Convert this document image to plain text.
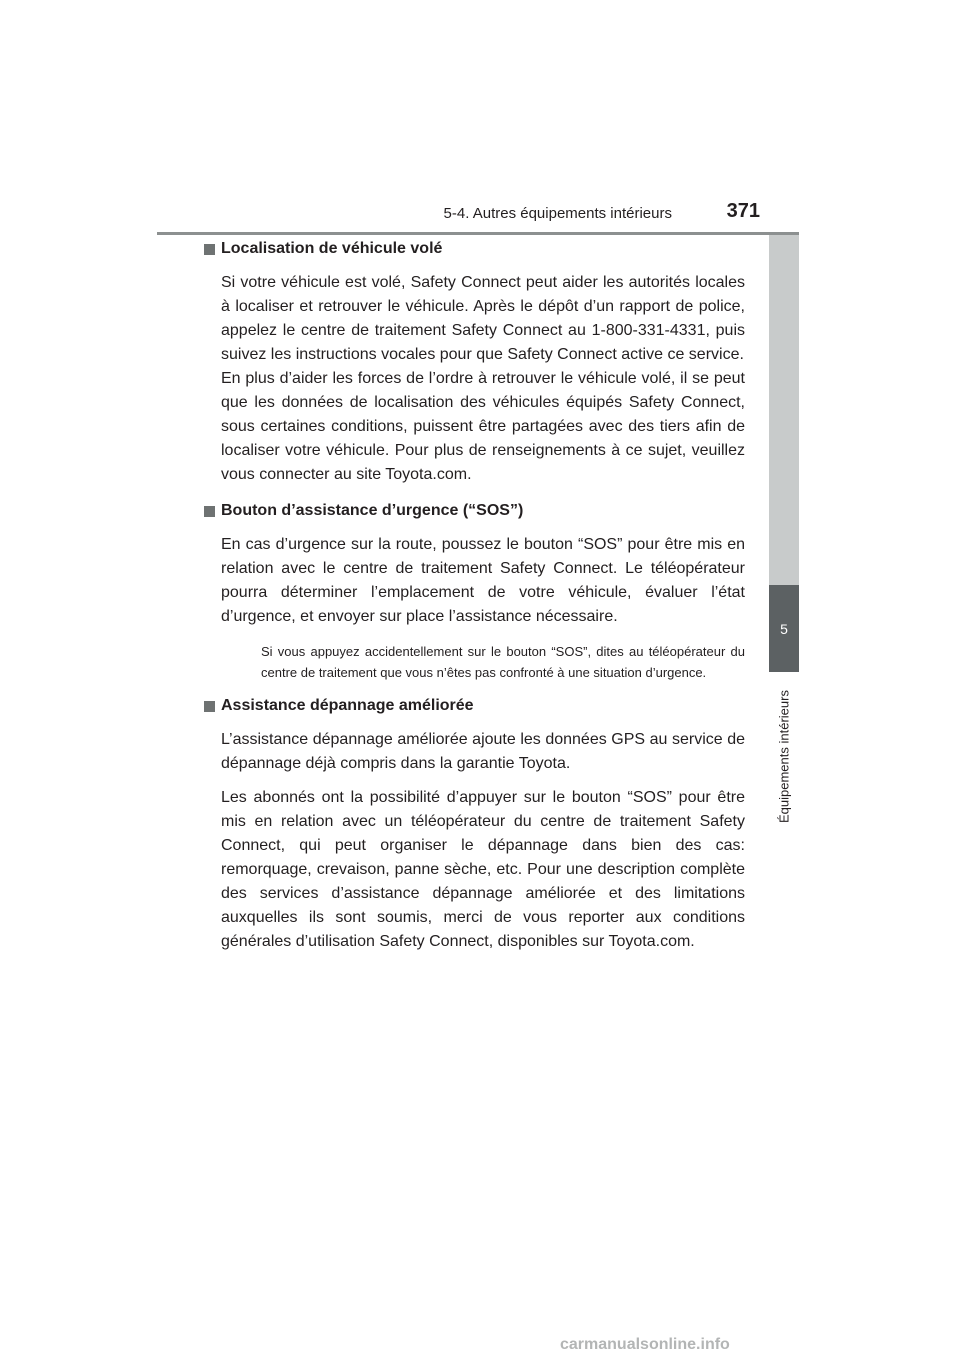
5-4. Autres équipements intérieurs	371
5
Équipements intérieurs
Localisation de véhicule volé

Si votre véhicule est volé, Safety Connect peut aider les autorités locales à localiser et retrouver le véhicule. Après le dépôt d’un rapport de police, appelez le centre de traitement Safety Connect au 1-800-331-4331, puis suivez les instructions vocales pour que Safety Connect active ce service.

En plus d’aider les forces de l’ordre à retrouver le véhicule volé, il se peut que les données de localisation des véhicules équipés Safety Connect, sous certaines conditions, puissent être partagées avec des tiers afin de localiser votre véhicule. Pour plus de renseignements à ce sujet, veuillez vous connecter au site Toyota.com.

Bouton d’assistance d’urgence (“SOS”)

En cas d’urgence sur la route, poussez le bouton “SOS” pour être mis en relation avec le centre de traitement Safety Connect. Le téléopérateur pourra déterminer l’emplacement de votre véhicule, évaluer l’état d’urgence, et envoyer sur place l’assistance nécessaire.

Si vous appuyez accidentellement sur le bouton “SOS”, dites au téléopérateur du centre de traitement que vous n’êtes pas confronté à une situation d’urgence.

Assistance dépannage améliorée

L’assistance dépannage améliorée ajoute les données GPS au service de dépannage déjà compris dans la garantie Toyota.

Les abonnés ont la possibilité d’appuyer sur le bouton “SOS” pour être mis en relation avec un téléopérateur du centre de traitement Safety Connect, qui peut organiser le dépannage dans bien des cas: remorquage, crevaison, panne sèche, etc. Pour une description complète des services d’assistance dépannage améliorée et des limitations auxquelles ils sont soumis, merci de vous reporter aux conditions générales d’utilisation Safety Connect, disponibles sur Toyota.com.

carmanualsonline.info
